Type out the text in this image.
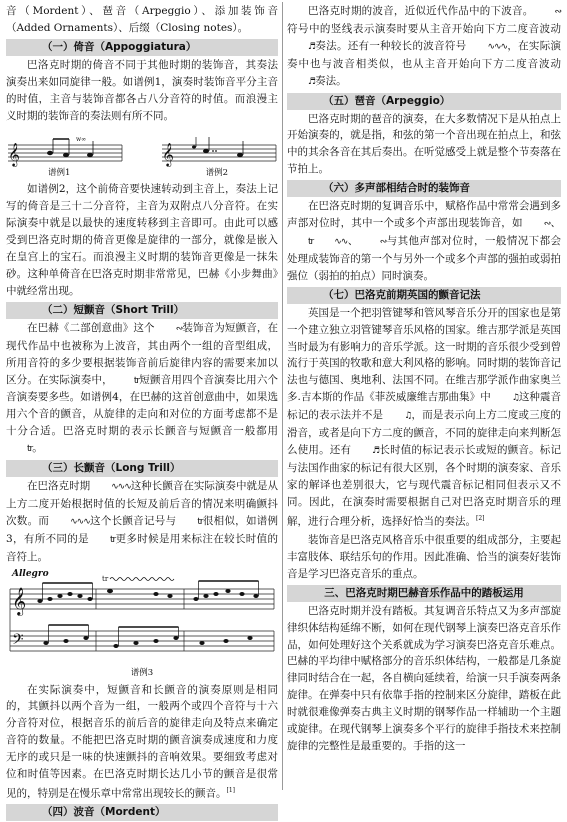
音（Mordent）、琶音（Arpeggio）、添加装饰音（Added Ornaments）、后缀（Closing notes）。

（一）倚音（Appoggiatura）

巴洛克时期的倚音不同于其他时期的装饰音，其奏法演奏出来如同旋律一般。如谱例1，演奏时装饰音平分主音的时值，主音与装饰音都各占八分音符的时值。而浪漫主义时期的装饰音的奏法则有所不同。

𝄞
w∞
𝄞
谱例1	谱例2

如谱例2，这个前倚音要快速转动到主音上，奏法上记写的倚音是三十二分音符，主音为双附点八分音符。在实际演奏中就是以最快的速度转移到主音即可。由此可以感受到巴洛克时期的倚音更像是旋律的一部分，就像是嵌入在皇宫上的宝石。而浪漫主义时期的装饰音更像是一抹朱砂。这种单倚音在巴洛克时期非常常见，巴赫《小步舞曲》中就经常出现。

（二）短颤音（Short Trill）

在巴赫《二部创意曲》这个 ∾装饰音为短颤音，在现代作品中也被称为上波音，其由两个一组的音型组成，所用音符的多少要根据装饰音前后旋律内容的需要来加以区分。在实际演奏中， tr短颤音用四个音演奏比用六个音演奏要多些。如谱例4，在巴赫的这首创意曲中，如果选用六个音的颤音，从旋律的走向和对位的方面考虑都不是十分合适。巴洛克时期的表示长颤音与短颤音一般都用tr。

（三）长颤音（Long Trill）

在巴洛克时期 ∿∿∿这种长颤音在实际演奏中就是从上方二度开始根据时值的长短及前后音的情况来明确颤抖次数。而 ∿∿∿这个长颤音记号与 tr很相似，如谱例3，有所不同的是 tr更多时候是用来标注在较长时值的音符上。

Allegro
𝄞
𝄢
tr
谱例3

在实际演奏中，短颤音和长颤音的演奏原则是相同的，其颤抖以两个音为一组，一般两个或四个音符与十六分音符对位，根据音乐的前后音的旋律走向及特点来确定音符的数量。不能把巴洛克时期的颤音演奏成速度和力度无序的或只是一味的快速颤抖的音响效果。要细致考虑对位和时值等因素。在巴洛克时期长达几小节的颤音是很常见的，特别是在慢乐章中常常出现较长的颤音。[1]

（四）波音（Mordent）

巴洛克时期的波音，近似近代作品中的下波音。 ∾符号中的竖线表示演奏时要从主音开始向下方二度音波动♬奏法。还有一种较长的波音符号 ∿∿∿，在实际演奏中也与波音相类似，也从主音开始向下方二度音波动♬奏法。

（五）琶音（Arpeggio）

巴洛克时期的琶音的演奏，在大多数情况下是从拍点上开始演奏的，就是指，和弦的第一个音出现在拍点上，和弦中的其余各音在其后奏出。在听觉感受上就是整个节奏落在节拍上。

（六）多声部相结合时的装饰音

在巴洛克时期的复调音乐中，赋格作品中常常会遇到多声部对位时，其中一个或多个声部出现装饰音，如 ∾、tr ∿∿、 ∾与其他声部对位时，一般情况下都会处理成装饰音的第一个与另外一个或多个声部的强拍或弱拍强位（弱拍的拍点）同时演奏。

（七）巴洛克前期英国的颤音记法

英国是一个把羽管键琴和管风琴音乐分开的国家也是第一个建立独立羽管键琴音乐风格的国家。维吉那学派是英国当时最为有影响力的音乐学派。这一时期的音乐很少受到曾流行于英国的牧歌和意大利风格的影响。同时期的装饰音记法也与德国、奥地利、法国不同。在维吉那学派作曲家奥兰多.吉本斯的作品《菲茨威廉维吉那曲集》中 ♫这种震音标记的表示法并不是 ♫，而是表示向上方二度或三度的滑音，或者是向下方二度的颤音，不同的旋律走向来判断怎么使用。还有 ♬长时值的标记表示长或短的颤音。标记与法国作曲家的标记有很大区别，各个时期的演奏家、音乐家的解译也差别很大，它与现代震音标记相同但表示又不同。因此，在演奏时需要根据自己对巴洛克时期音乐的理解，进行合理分析，选择好恰当的奏法。[2]

装饰音是巴洛克风格音乐中很重要的组成部分，主要起丰富肢体、联结乐句的作用。因此准确、恰当的演奏好装饰音是学习巴洛克音乐的重点。

三、巴洛克时期巴赫音乐作品中的踏板运用

巴洛克时期并没有踏板。其复调音乐特点又为多声部旋律织体结构延绵不断，如何在现代钢琴上演奏巴洛克音乐作品，如何处理好这个关系就成为学习演奏巴洛克音乐难点。巴赫的平均律中赋格部分的音乐织体结构，一般都是几条旋律同时结合在一起，各自横向延续着，给演一只手演奏两条旋律。在弹奏中只有依靠手指的控制来区分旋律，踏板在此时就很难像弹奏古典主义时期的钢琴作品一样辅助一个主题或旋律。在现代钢琴上演奏多个平行的旋律手指技术来控制旋律的完整性是最重要的。手指的这一
